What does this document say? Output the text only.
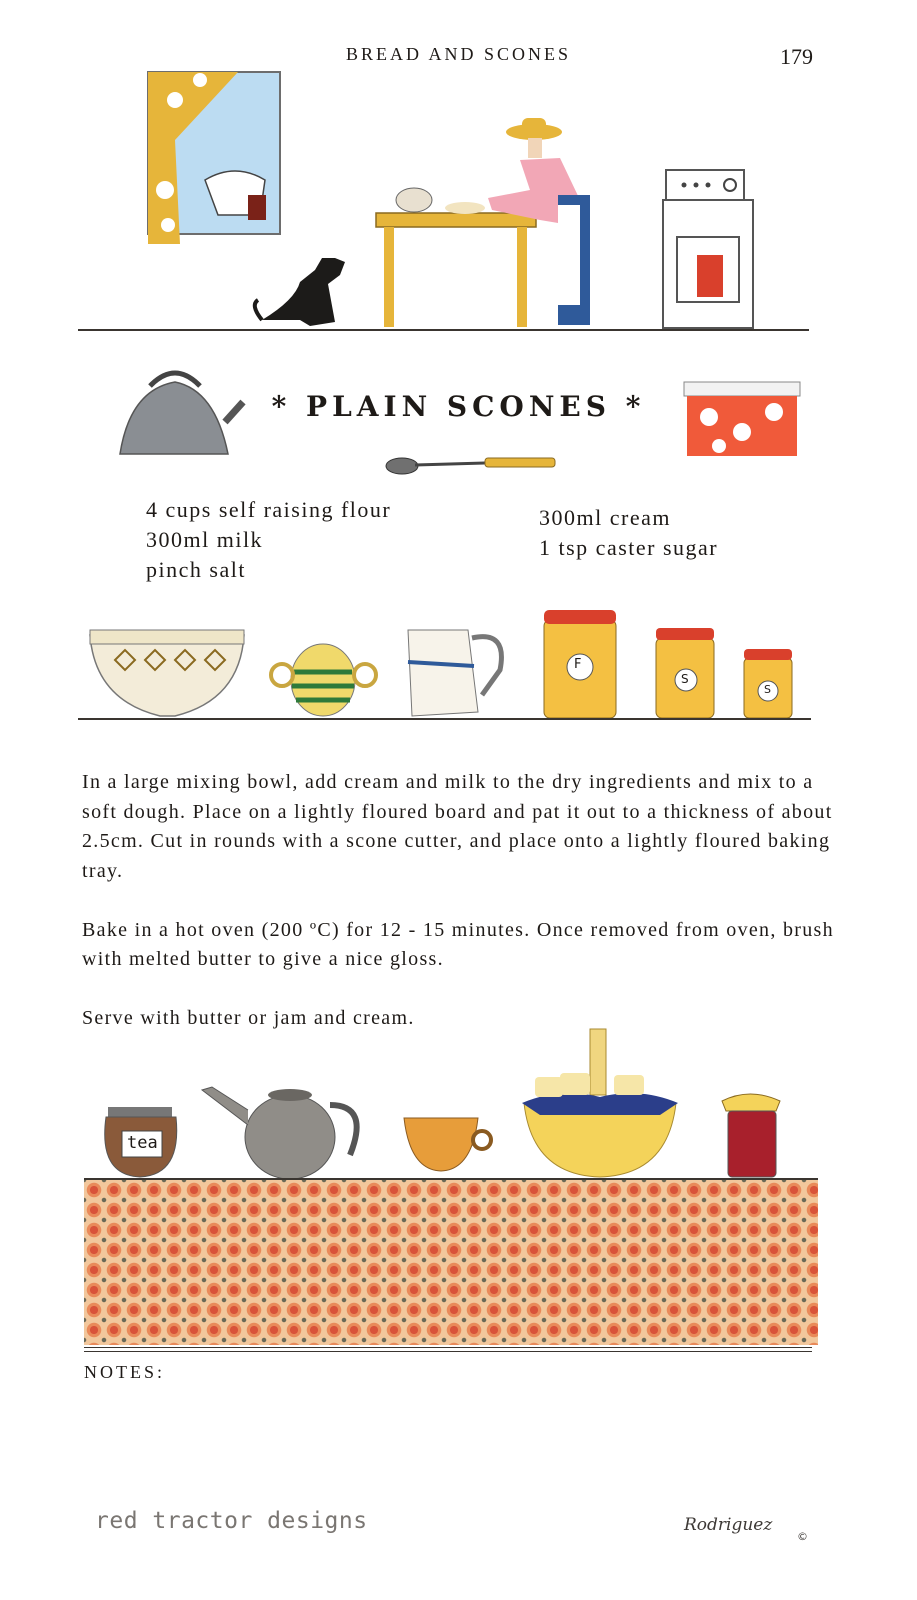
BREAD AND SCONES	179
* PLAIN SCONES *
4 cups self raising flour
300ml milk
pinch salt
300ml cream
1 tsp caster sugar
F
S
S

In a large mixing bowl, add cream and milk to the dry ingredients and mix to a soft dough. Place on a lightly floured board and pat it out to a thickness of about 2.5cm. Cut in rounds with a scone cutter, and place onto a lightly floured baking tray.

Bake in a hot oven (200 ºC) for 12 - 15 minutes. Once removed from oven, brush with melted butter to give a nice gloss.

Serve with butter or jam and cream.

tea
NOTES:
red tractor designs	Rodriguez
©
